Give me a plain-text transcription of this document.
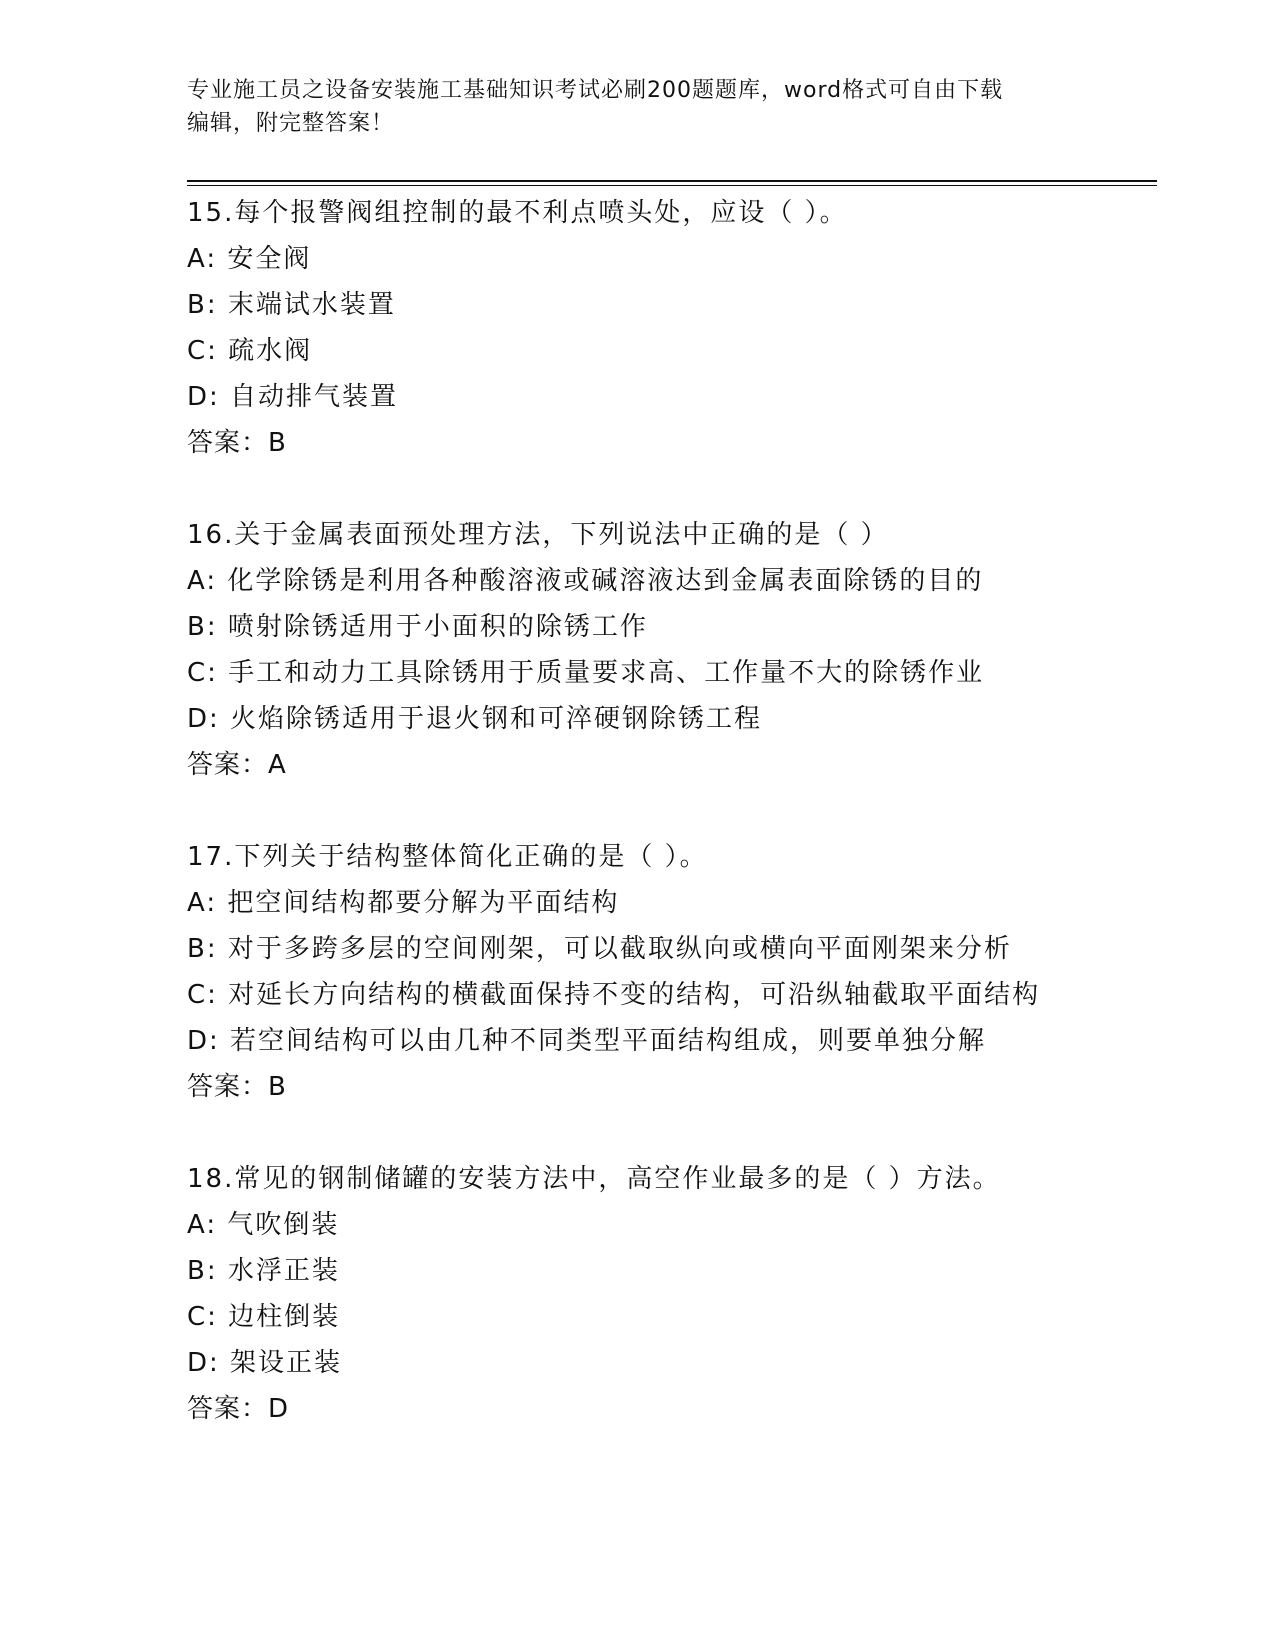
专业施工员之设备安装施工基础知识考试必刷200题题库，word格式可自由下载
编辑，附完整答案！
15.每个报警阀组控制的最不利点喷头处，应设（ ）。
A: 安全阀
B: 末端试水装置
C: 疏水阀
D: 自动排气装置
答案：B
16.关于金属表面预处理方法，下列说法中正确的是（ ）
A: 化学除锈是利用各种酸溶液或碱溶液达到金属表面除锈的目的
B: 喷射除锈适用于小面积的除锈工作
C: 手工和动力工具除锈用于质量要求高、工作量不大的除锈作业
D: 火焰除锈适用于退火钢和可淬硬钢除锈工程
答案：A
17.下列关于结构整体简化正确的是（ ）。
A: 把空间结构都要分解为平面结构
B: 对于多跨多层的空间刚架，可以截取纵向或横向平面刚架来分析
C: 对延长方向结构的横截面保持不变的结构，可沿纵轴截取平面结构
D: 若空间结构可以由几种不同类型平面结构组成，则要单独分解
答案：B
18.常见的钢制储罐的安装方法中，高空作业最多的是（ ）方法。
A: 气吹倒装
B: 水浮正装
C: 边柱倒装
D: 架设正装
答案：D
